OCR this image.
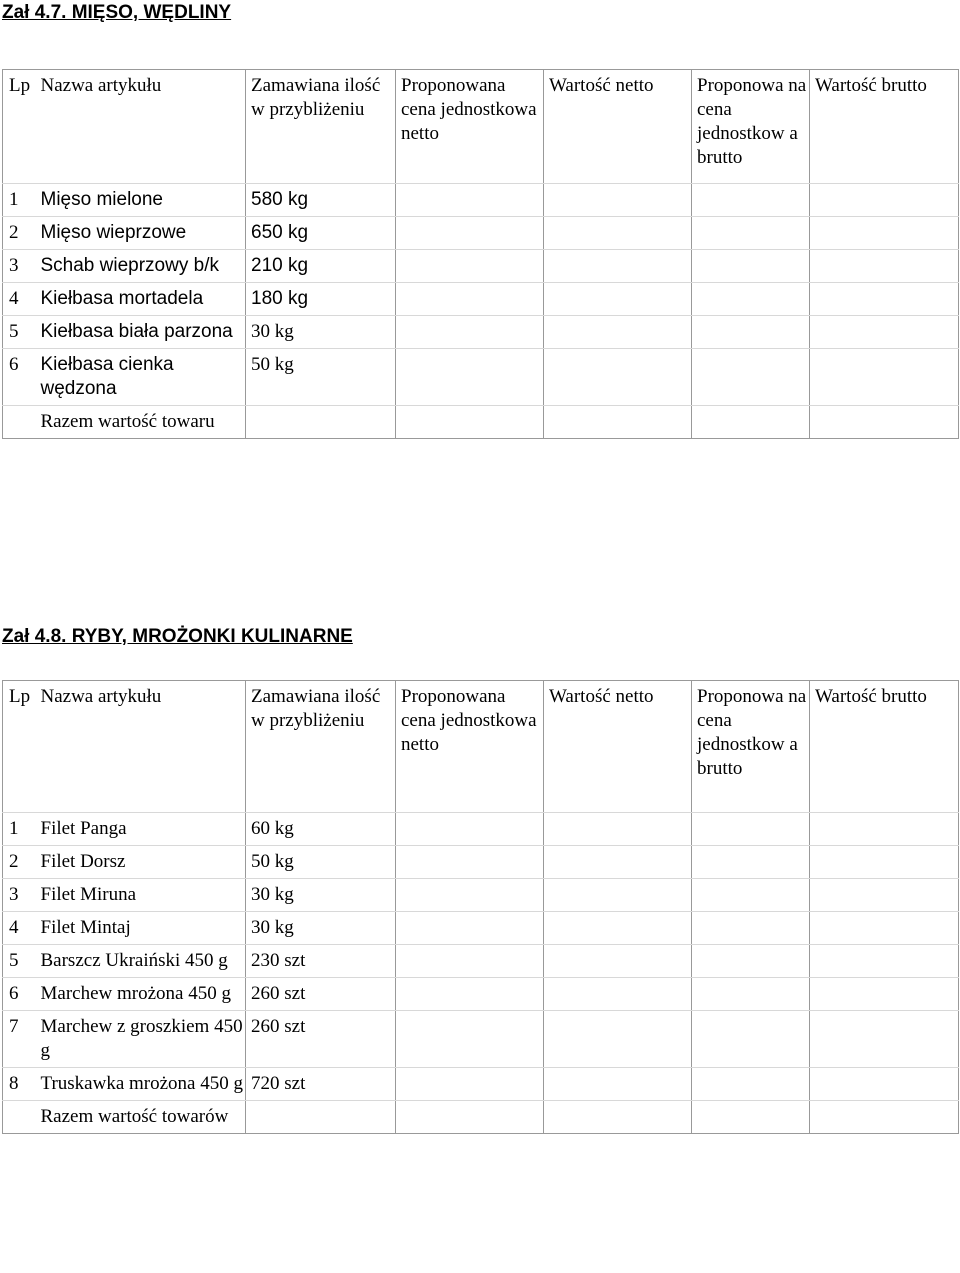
Zał 4.7. MIĘSO, WĘDLINY
Lp	Nazwa artykułu	Zamawiana ilość w przybliżeniu	Proponowana cena jednostkowa netto	Wartość netto	Proponowa na cena jednostkow a brutto	Wartość brutto
1	Mięso mielone	580 kg				
2	Mięso wieprzowe	650 kg				
3	Schab wieprzowy b/k	210 kg				
4	Kiełbasa mortadela	180 kg				
5	Kiełbasa biała parzona	30 kg				
6	Kiełbasa cienka wędzona	50 kg				
	Razem wartość towaru					
Zał 4.8. RYBY, MROŻONKI KULINARNE
Lp	Nazwa artykułu	Zamawiana ilość w przybliżeniu	Proponowana cena jednostkowa netto	Wartość netto	Proponowa na cena jednostkow a brutto	Wartość brutto
1	Filet Panga	60 kg				
2	Filet Dorsz	50 kg				
3	Filet Miruna	30 kg				
4	Filet Mintaj	30 kg				
5	Barszcz Ukraiński 450 g	230 szt				
6	Marchew mrożona 450 g	260 szt				
7	Marchew z groszkiem 450 g	260 szt				
8	Truskawka mrożona 450 g	720 szt				
	Razem wartość towarów					
